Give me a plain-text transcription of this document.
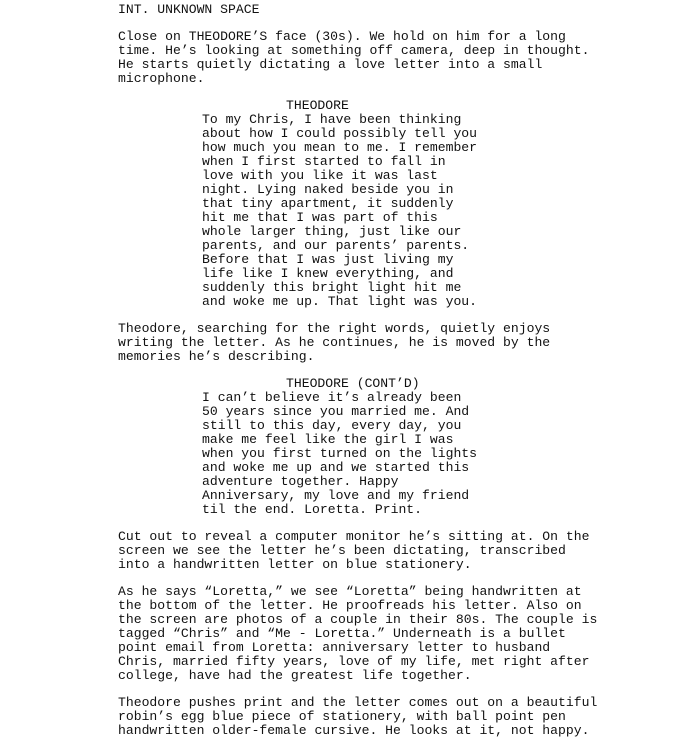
INT. UNKNOWN SPACE
Close on THEODORE’S face (30s). We hold on him for a long
time. He’s looking at something off camera, deep in thought.
He starts quietly dictating a love letter into a small
microphone.
THEODORE
To my Chris, I have been thinking
about how I could possibly tell you
how much you mean to me. I remember
when I first started to fall in
love with you like it was last
night. Lying naked beside you in
that tiny apartment, it suddenly
hit me that I was part of this
whole larger thing, just like our
parents, and our parents’ parents.
Before that I was just living my
life like I knew everything, and
suddenly this bright light hit me
and woke me up. That light was you.
Theodore, searching for the right words, quietly enjoys
writing the letter. As he continues, he is moved by the
memories he’s describing.
THEODORE (CONT’D)
I can’t believe it’s already been
50 years since you married me. And
still to this day, every day, you
make me feel like the girl I was
when you first turned on the lights
and woke me up and we started this
adventure together. Happy
Anniversary, my love and my friend
til the end. Loretta. Print.
Cut out to reveal a computer monitor he’s sitting at. On the
screen we see the letter he’s been dictating, transcribed
into a handwritten letter on blue stationery.
As he says “Loretta,” we see “Loretta” being handwritten at
the bottom of the letter. He proofreads his letter. Also on
the screen are photos of a couple in their 80s. The couple is
tagged “Chris” and “Me - Loretta.” Underneath is a bullet
point email from Loretta: anniversary letter to husband
Chris, married fifty years, love of my life, met right after
college, have had the greatest life together.
Theodore pushes print and the letter comes out on a beautiful
robin’s egg blue piece of stationery, with ball point pen
handwritten older-female cursive. He looks at it, not happy.
